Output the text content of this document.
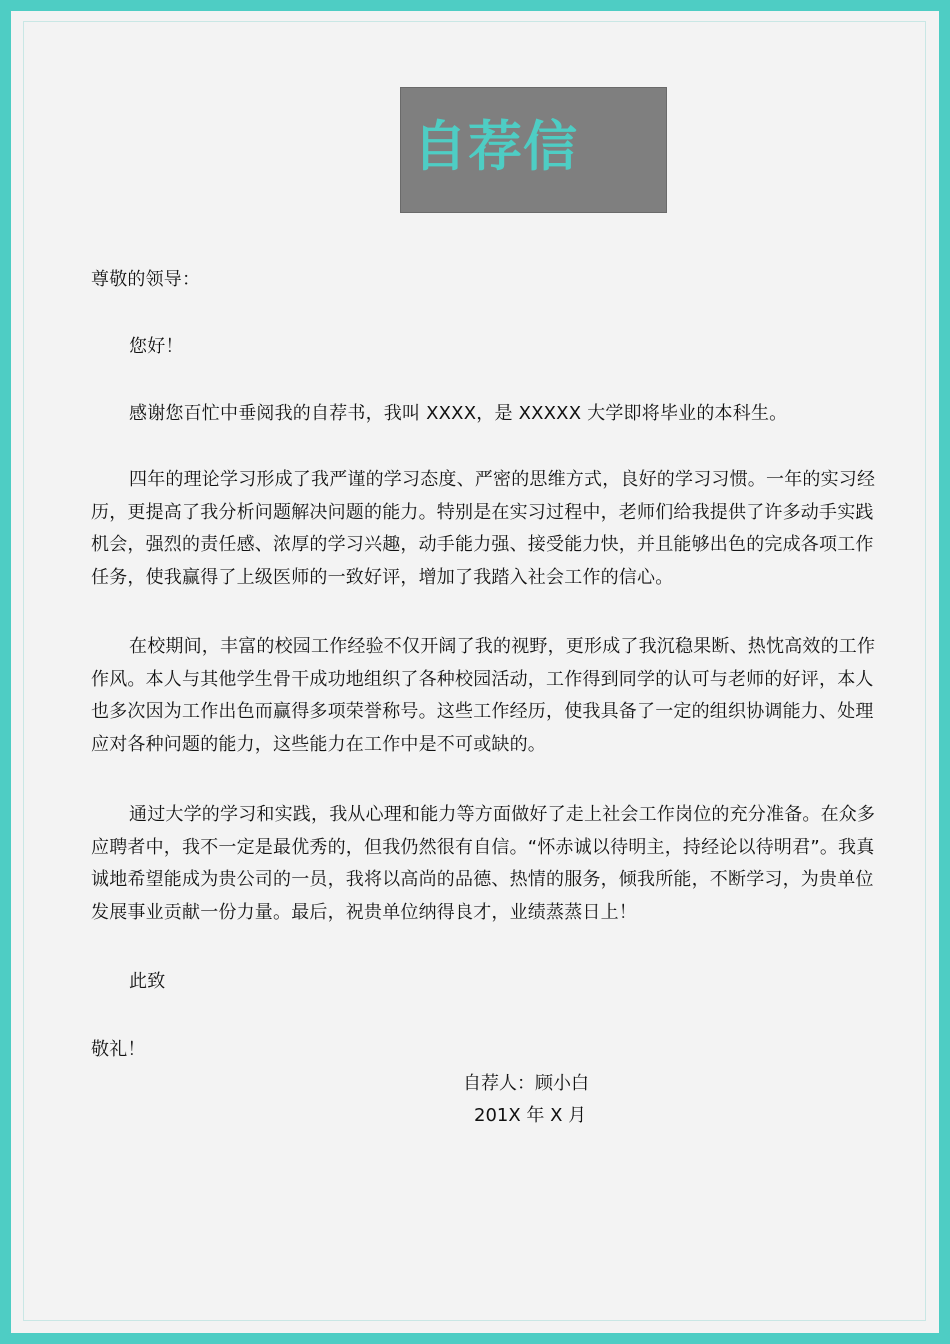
自荐信

尊敬的领导：

您好！

感谢您百忙中垂阅我的自荐书，我叫 XXXX，是 XXXXX 大学即将毕业的本科生。

四年的理论学习形成了我严谨的学习态度、严密的思维方式，良好的学习习惯。一年的实习经历，更提高了我分析问题解决问题的能力。特别是在实习过程中，老师们给我提供了许多动手实践机会，强烈的责任感、浓厚的学习兴趣，动手能力强、接受能力快，并且能够出色的完成各项工作任务，使我赢得了上级医师的一致好评，增加了我踏入社会工作的信心。

在校期间，丰富的校园工作经验不仅开阔了我的视野，更形成了我沉稳果断、热忱高效的工作作风。本人与其他学生骨干成功地组织了各种校园活动，工作得到同学的认可与老师的好评，本人也多次因为工作出色而赢得多项荣誉称号。这些工作经历，使我具备了一定的组织协调能力、处理应对各种问题的能力，这些能力在工作中是不可或缺的。

通过大学的学习和实践，我从心理和能力等方面做好了走上社会工作岗位的充分准备。在众多应聘者中，我不一定是最优秀的，但我仍然很有自信。“怀赤诚以待明主，持经论以待明君”。我真诚地希望能成为贵公司的一员，我将以高尚的品德、热情的服务，倾我所能，不断学习，为贵单位发展事业贡献一份力量。最后，祝贵单位纳得良才，业绩蒸蒸日上！

此致

敬礼！

自荐人：顾小白
201X 年 X 月
